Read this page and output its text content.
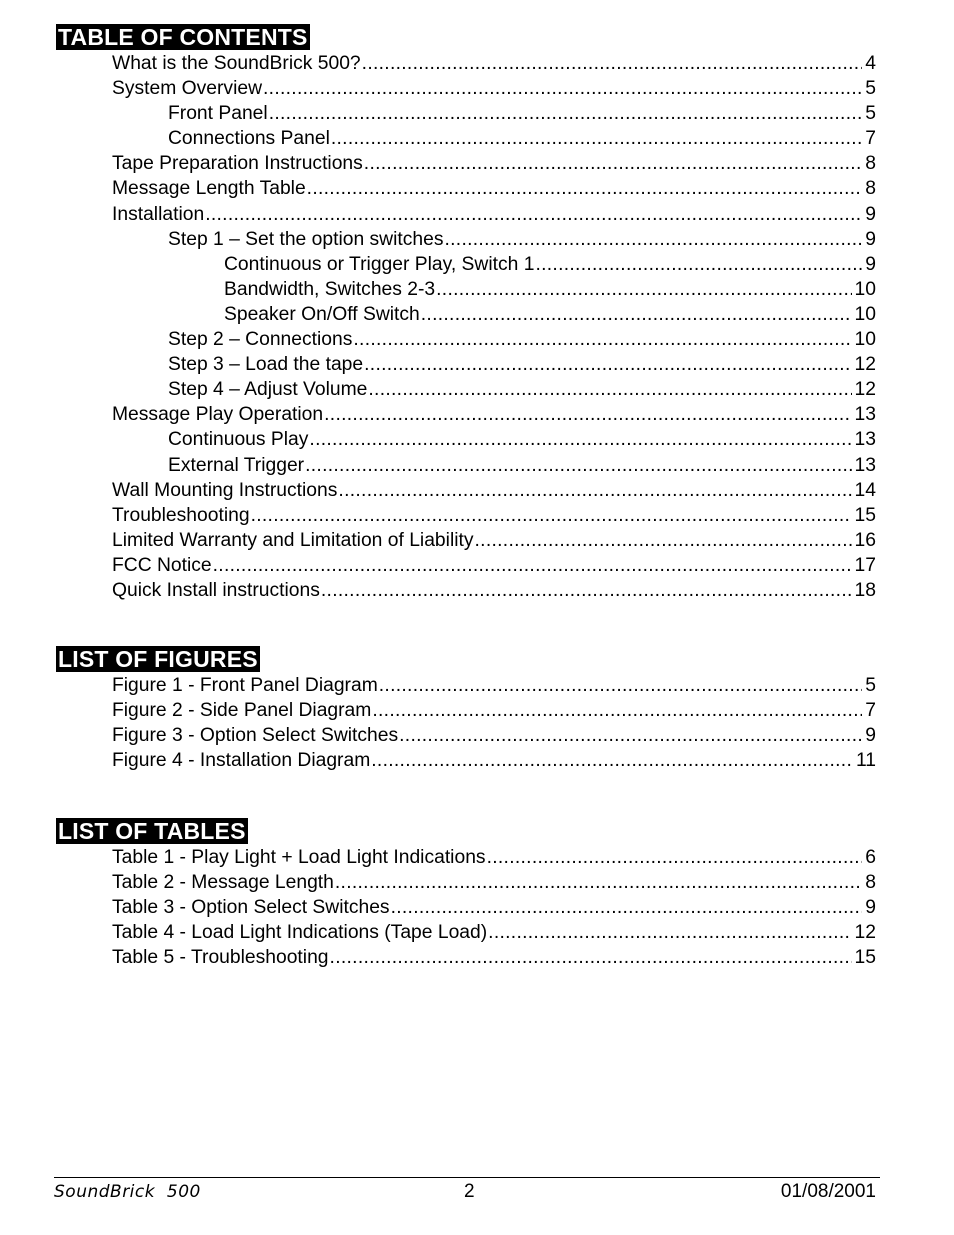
TABLE OF CONTENTS
What is the SoundBrick 500? .....	4
System Overview .....	5
Front Panel .....	5
Connections Panel .....	7
Tape Preparation Instructions .....	8
Message Length Table .....	8
Installation .....	9
Step 1 – Set the option switches .....	9
Continuous or Trigger Play, Switch 1 .....	9
Bandwidth, Switches 2-3 .....	10
Speaker On/Off Switch .....	10
Step 2 – Connections .....	10
Step 3 – Load the tape .....	12
Step 4 – Adjust Volume .....	12
Message Play Operation .....	13
Continuous Play .....	13
External Trigger .....	13
Wall Mounting Instructions .....	14
Troubleshooting .....	15
Limited Warranty and Limitation of Liability .....	16
FCC Notice .....	17
Quick Install instructions .....	18
LIST OF FIGURES
Figure 1 - Front Panel Diagram .....	5
Figure 2 - Side Panel Diagram .....	7
Figure 3 - Option Select Switches .....	9
Figure 4 - Installation Diagram .....	11
LIST OF TABLES
Table 1 - Play Light + Load Light Indications .....	6
Table 2 - Message Length .....	8
Table 3 - Option Select Switches .....	9
Table 4 - Load Light Indications (Tape Load) .....	12
Table 5 - Troubleshooting .....	15
SoundBrick  500	2	01/08/2001
